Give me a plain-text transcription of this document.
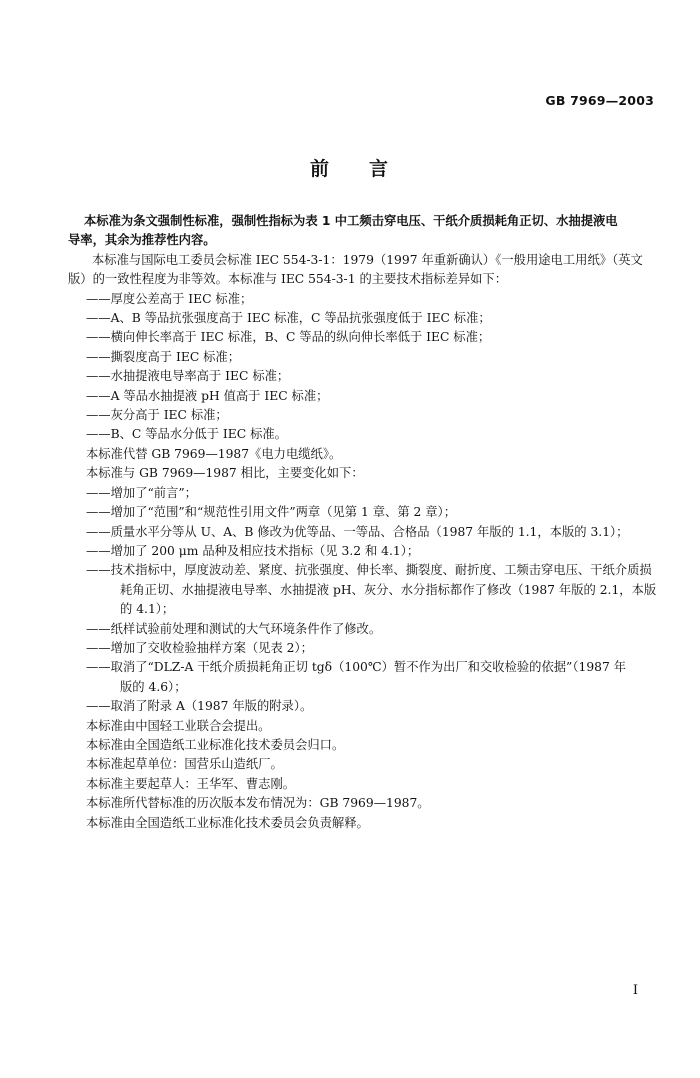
GB 7969—2003
前 言
本标准为条文强制性标准，强制性指标为表 1 中工频击穿电压、干纸介质损耗角正切、水抽提液电
导率，其余为推荐性内容。
本标准与国际电工委员会标准 IEC 554-3-1：1979（1997 年重新确认）《一般用途电工用纸》（英文
版）的一致性程度为非等效。本标准与 IEC 554-3-1 的主要技术指标差异如下：
——厚度公差高于 IEC 标准；
——A、B 等品抗张强度高于 IEC 标准，C 等品抗张强度低于 IEC 标准；
——横向伸长率高于 IEC 标准，B、C 等品的纵向伸长率低于 IEC 标准；
——撕裂度高于 IEC 标准；
——水抽提液电导率高于 IEC 标准；
——A 等品水抽提液 pH 值高于 IEC 标准；
——灰分高于 IEC 标准；
——B、C 等品水分低于 IEC 标准。
本标准代替 GB 7969—1987《电力电缆纸》。
本标准与 GB 7969—1987 相比，主要变化如下：
——增加了“前言”；
——增加了“范围”和“规范性引用文件”两章（见第 1 章、第 2 章）；
——质量水平分等从 U、A、B 修改为优等品、一等品、合格品（1987 年版的 1.1，本版的 3.1）；
——增加了 200 μm 品种及相应技术指标（见 3.2 和 4.1）；
——技术指标中，厚度波动差、紧度、抗张强度、伸长率、撕裂度、耐折度、工频击穿电压、干纸介质损
耗角正切、水抽提液电导率、水抽提液 pH、灰分、水分指标都作了修改（1987 年版的 2.1，本版
的 4.1）；
——纸样试验前处理和测试的大气环境条件作了修改。
——增加了交收检验抽样方案（见表 2）；
——取消了“DLZ-A 干纸介质损耗角正切 tgδ（100℃）暂不作为出厂和交收检验的依据”（1987 年
版的 4.6）；
——取消了附录 A（1987 年版的附录）。
本标准由中国轻工业联合会提出。
本标准由全国造纸工业标准化技术委员会归口。
本标准起草单位：国营乐山造纸厂。
本标准主要起草人：王华军、曹志刚。
本标准所代替标准的历次版本发布情况为：GB 7969—1987。
本标准由全国造纸工业标准化技术委员会负责解释。
I
